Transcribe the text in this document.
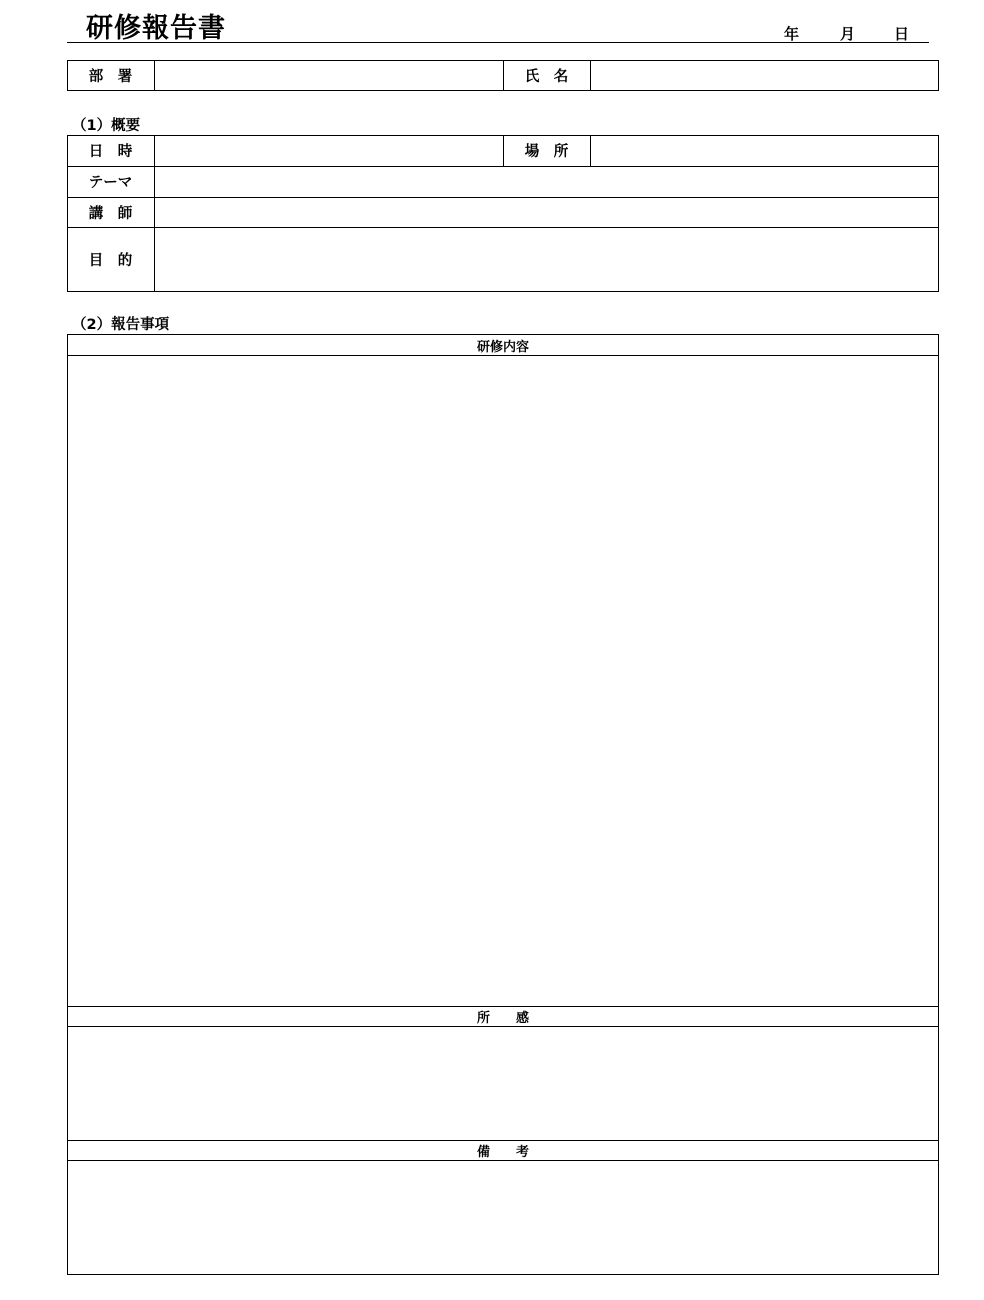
研修報告書	年	月	日
部　署	氏　名
（1）概要
日　時	場　所
テーマ
講　師
目　的
（2）報告事項
研修内容
所　　感
備　　考
